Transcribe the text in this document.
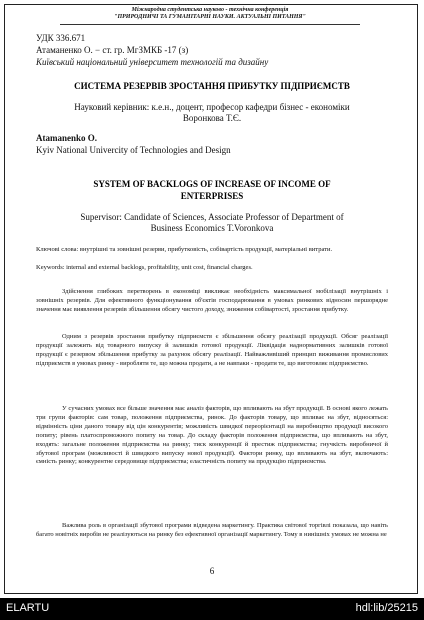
Міжнародна студентська науково - технічна конференція
"ПРИРОДНИЧІ ТА ГУМАНІТАРНІ НАУКИ. АКТУАЛЬНІ ПИТАННЯ"
УДК 336.671
Атаманенко О. − ст. гр. МгЗМКБ -17 (з)
Київський національний університет технологій та дизайну
СИСТЕМА РЕЗЕРВІВ ЗРОСТАННЯ ПРИБУТКУ ПІДПРИЄМСТВ
Науковий керівник: к.е.н., доцент, професор кафедри бізнес - економіки
Воронкова Т.Є.
Atamanenko O.
Kyiv National Univercity of Technologies and Design
SYSTEM OF BACKLOGS OF INCREASE OF INCOME OF
ENTERPRISES
Supervisor: Candidate of Sciences, Associate Professor of Department of
Business Economics T.Voronkova
Ключові слова: внутрішні та зовнішні резерви, прибутковість, собівартість продукції, матеріальні витрати.
Keywords: internal and external backlogs, profitability, unit cost, financial charges.
Здійснення глибоких перетворень в економіці викликає необхідність максимальної мобілізації внутрішніх і зовнішніх резервів. Для ефективного функціонування об'єктів господарювання в умовах ринкових відносин першорядне значення має виявлення резервів збільшення обсягу чистого доходу, зниження собівартості, зростання прибутку.
Одним з резервів зростання прибутку підприємств є збільшення обсягу реалізації продукції. Обсяг реалізації продукції залежить від товарного випуску й залишків готової продукції. Ліквідація наднормативних залишків готової продукції є резервом збільшення прибутку за рахунок обсягу реалізації. Найважливіший принцип виживання промислових підприємств в умовах ринку - виробляти те, що можна продати, а не навпаки - продати те, що виготовляє підприємство.
У сучасних умовах все більше значення має аналіз факторів, що впливають на збут продукції. В основі якого лежать три групи факторів: сам товар, положення підприємства, ринок. До факторів товару, що впливає на збут, відносяться: відмінність ціни даного товару від цін конкурентів; можливість швидкої переорієнтації на виробництво продукції високого попиту; рівень платоспроможного попиту на товар. До складу факторів положення підприємства, що впливають на збут, входять: загальне положення підприємства на ринку; тиск конкуренції й престиж підприємства; гнучкість виробничої й збутової програм (можливості й швидкого випуску нової продукції). Фактори ринку, що впливають на збут, включають: ємність ринку; конкурентне середовище підприємства; еластичність попиту на продукцію підприємства.
Важлива роль в організації збутової програми відведена маркетингу. Практика світової торгівлі показала, що навіть багато новітніх виробів не реалізуються на ринку без ефективної організації маркетингу. Тому в нинішніх умовах не можна не
6
ELARTU	hdl:lib/25215
